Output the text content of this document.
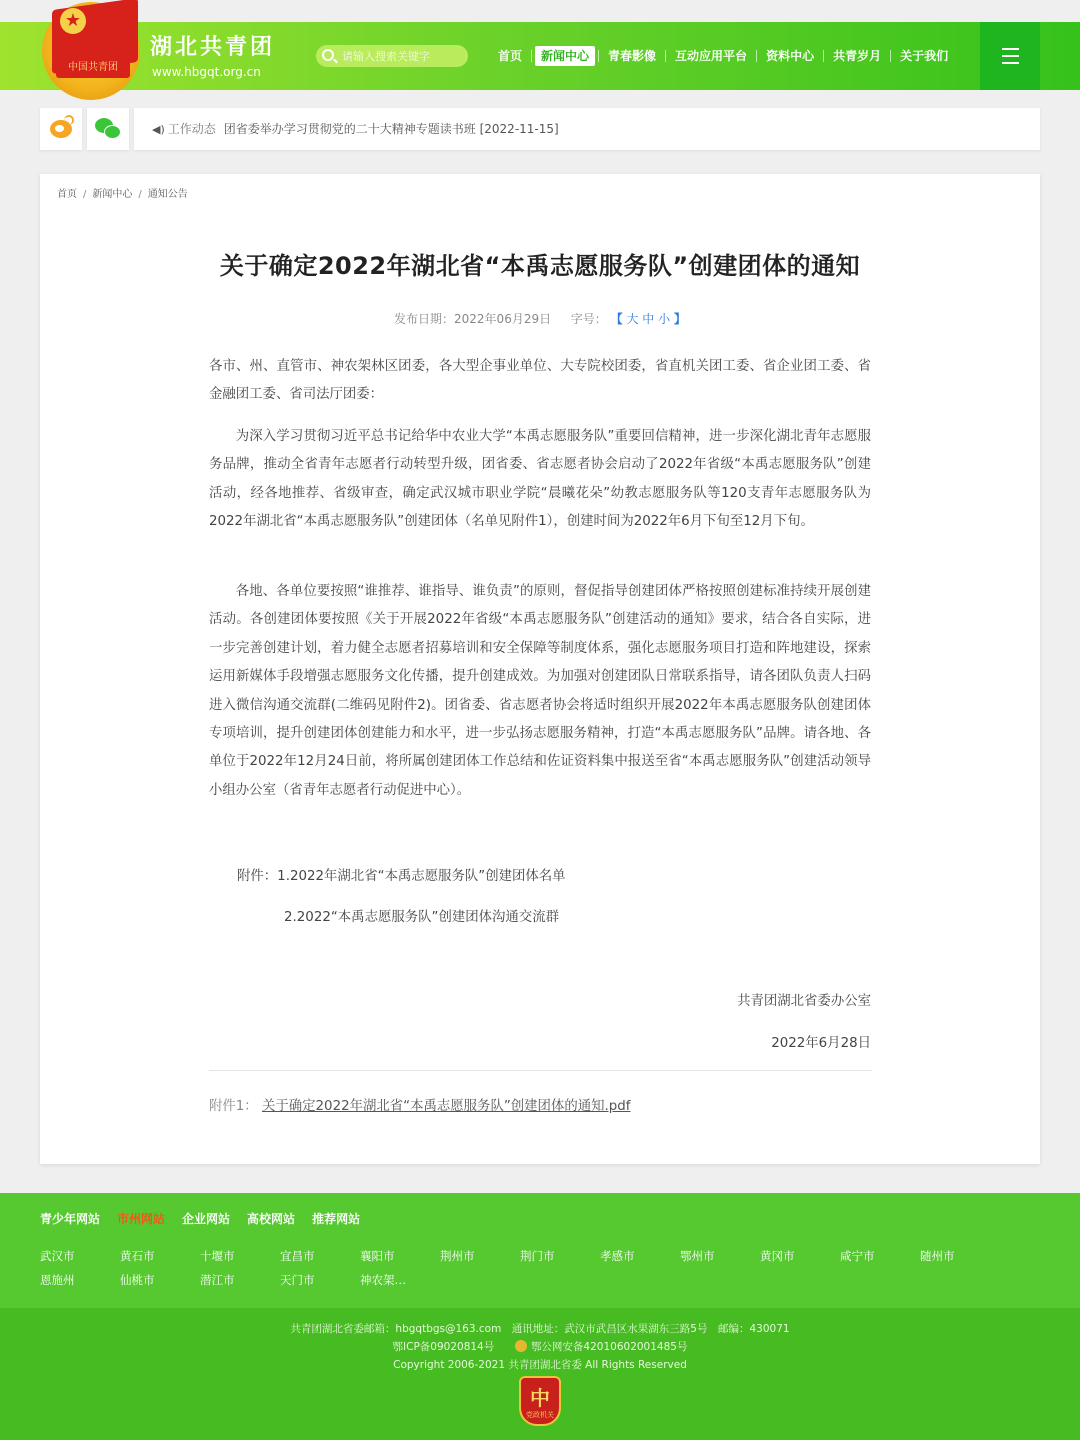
★
中国共青团
湖北共青团
www.hbgqt.org.cn
请输入搜索关键字
首页	新闻中心	青春影像	互动应用平台	资料中心	共青岁月	关于我们
◀) 工作动态 团省委举办学习贯彻党的二十大精神专题读书班 [2022-11-15]
首页 / 新闻中心 / 通知公告
关于确定2022年湖北省“本禹志愿服务队”创建团体的通知
发布日期：2022年06月29日 字号： 【 大 中 小 】

各市、州、直管市、神农架林区团委，各大型企事业单位、大专院校团委，省直机关团工委、省企业团工委、省金融团工委、省司法厅团委：

为深入学习贯彻习近平总书记给华中农业大学“本禹志愿服务队”重要回信精神，进一步深化湖北青年志愿服务品牌，推动全省青年志愿者行动转型升级，团省委、省志愿者协会启动了2022年省级“本禹志愿服务队”创建活动，经各地推荐、省级审查，确定武汉城市职业学院“晨曦花朵”幼教志愿服务队等120支青年志愿服务队为2022年湖北省“本禹志愿服务队”创建团体（名单见附件1），创建时间为2022年6月下旬至12月下旬。

各地、各单位要按照“谁推荐、谁指导、谁负责”的原则，督促指导创建团体严格按照创建标准持续开展创建活动。各创建团体要按照《关于开展2022年省级“本禹志愿服务队”创建活动的通知》要求，结合各自实际，进一步完善创建计划，着力健全志愿者招募培训和安全保障等制度体系，强化志愿服务项目打造和阵地建设，探索运用新媒体手段增强志愿服务文化传播，提升创建成效。为加强对创建团队日常联系指导，请各团队负责人扫码进入微信沟通交流群(二维码见附件2)。团省委、省志愿者协会将适时组织开展2022年本禹志愿服务队创建团体专项培训，提升创建团体创建能力和水平，进一步弘扬志愿服务精神，打造“本禹志愿服务队”品牌。请各地、各单位于2022年12月24日前，将所属创建团体工作总结和佐证资料集中报送至省“本禹志愿服务队”创建活动领导小组办公室（省青年志愿者行动促进中心）。

附件：1.2022年湖北省“本禹志愿服务队”创建团体名单
2.2022“本禹志愿服务队”创建团体沟通交流群
共青团湖北省委办公室
2022年6月28日
附件1： 关于确定2022年湖北省“本禹志愿服务队”创建团体的通知.pdf
青少年网站 市州网站 企业网站 高校网站 推荐网站
武汉市	黄石市	十堰市	宜昌市	襄阳市	荆州市	荆门市	孝感市	鄂州市	黄冈市	咸宁市	随州市
恩施州	仙桃市	潜江市	天门市	神农架…
共青团湖北省委邮箱：hbgqtbgs@163.com　通讯地址：武汉市武昌区水果湖东三路5号　邮编：430071
鄂ICP备09020814号	鄂公网安备42010602001485号
Copyright 2006-2021 共青团湖北省委 All Rights Reserved
中
党政机关
